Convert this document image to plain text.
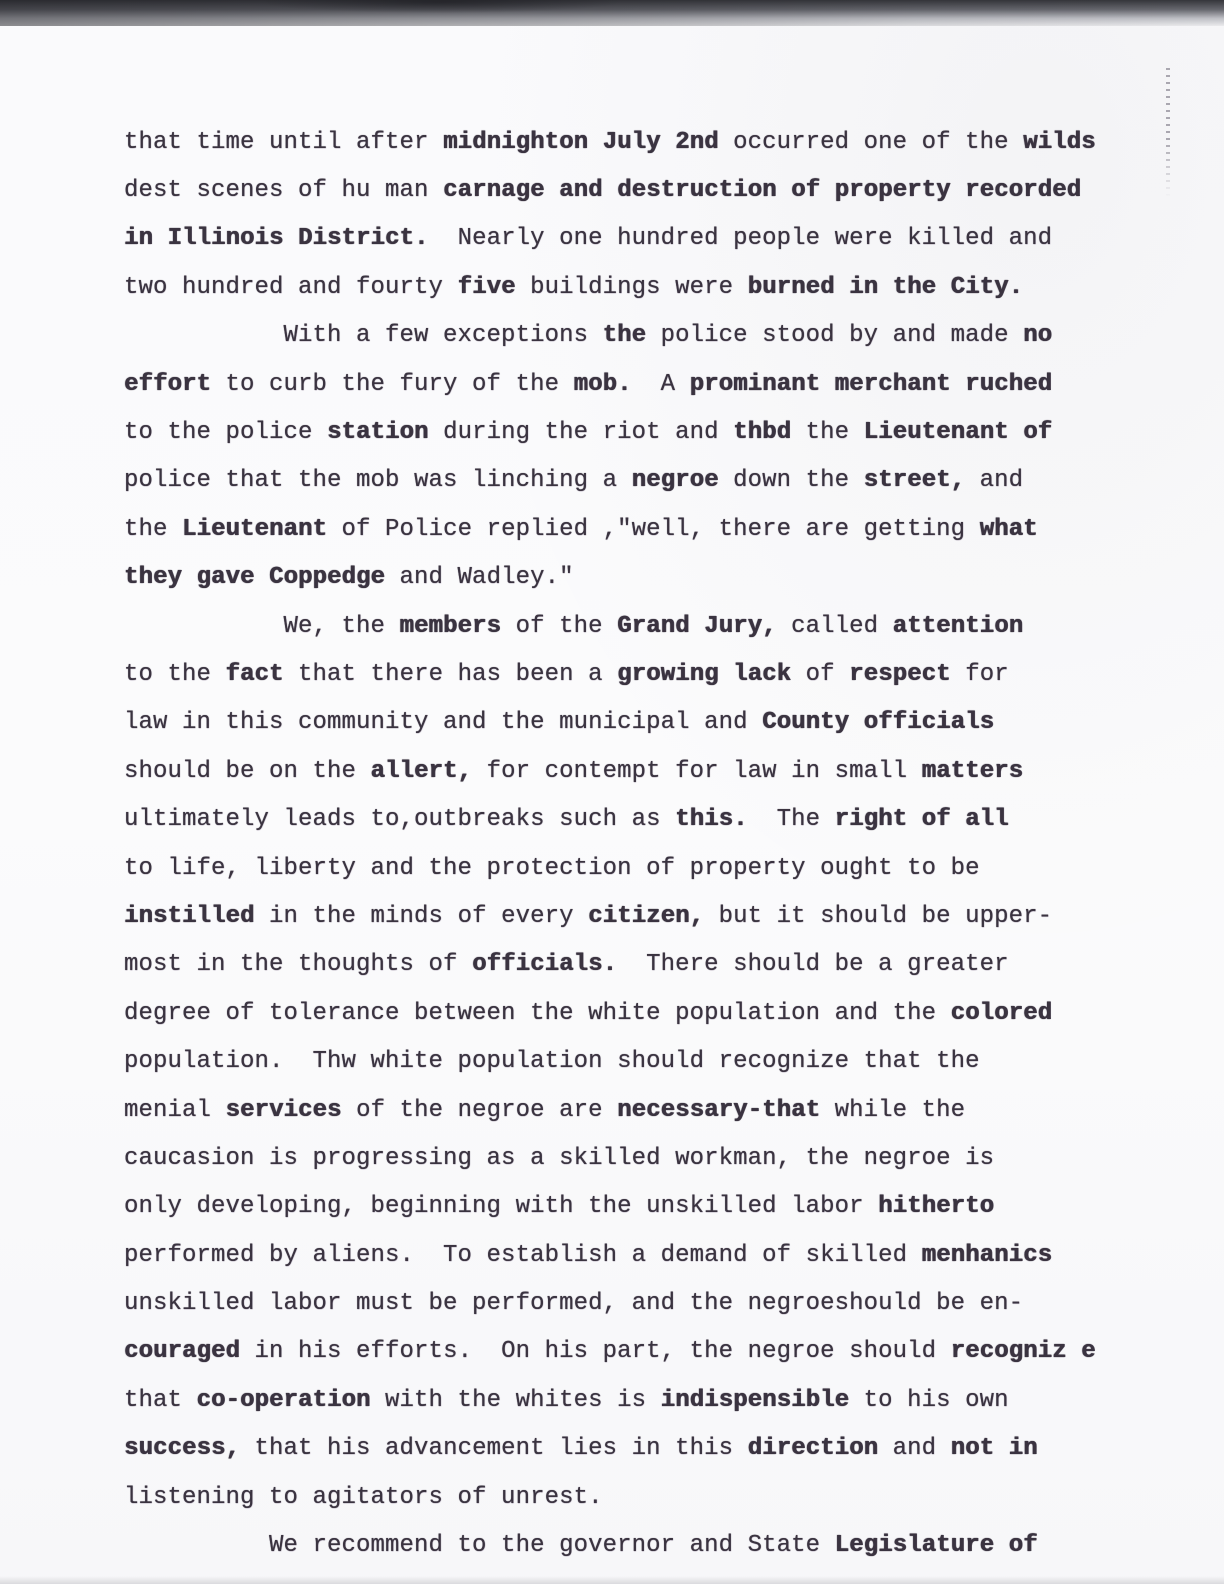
that time until after midnighton July 2nd occurred one of the wilds
dest scenes of hu man carnage and destruction of property recorded
in Illinois District. Nearly one hundred people were killed and
two hundred and fourty five buildings were burned in the City.
With a few exceptions the police stood by and made no
effort to curb the fury of the mob. A prominant merchant ruched
to the police station during the riot and thbd the Lieutenant of
police that the mob was linching a negroe down the street, and
the Lieutenant of Police replied ,"well, there are getting what
they gave Coppedge and Wadley."
We, the members of the Grand Jury, called attention
to the fact that there has been a growing lack of respect for
law in this community and the municipal and County officials
should be on the allert, for contempt for law in small matters
ultimately leads to,outbreaks such as this. The right of all
to life, liberty and the protection of property ought to be
instilled in the minds of every citizen, but it should be upper-
most in the thoughts of officials. There should be a greater
degree of tolerance between the white population and the colored
population.  Thw white population should recognize that the
menial services of the negroe are necessary-that while the
caucasion is progressing as a skilled workman, the negroe is
only developing, beginning with the unskilled labor hitherto
performed by aliens.  To establish a demand of skilled menhanics
unskilled labor must be performed, and the negroeshould be en-
couraged in his efforts.  On his part, the negroe should recogniz e
that co-operation with the whites is indispensible to his own
success, that his advancement lies in this direction and not in
listening to agitators of unrest.
We recommend to the governor and State Legislature of
